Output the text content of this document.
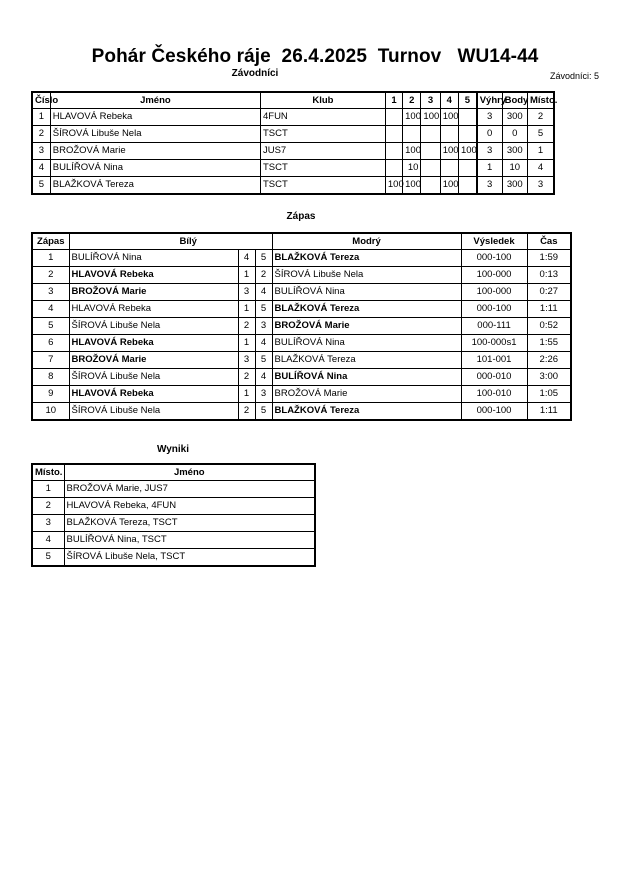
Pohár Českého ráje  26.4.2025  Turnov   WU14-44
Závodníci	Závodníci: 5
Číslo	Jméno	Klub	1	2	3	4	5	Výhry	Body	Místo.
1	HLAVOVÁ Rebeka	4FUN		100	100	100		3	300	2
2	ŠÍROVÁ Libuše Nela	TSCT						0	0	5
3	BROŽOVÁ Marie	JUS7		100		100	100	3	300	1
4	BULÍŘOVÁ Nina	TSCT		10				1	10	4
5	BLAŽKOVÁ Tereza	TSCT	100	100		100		3	300	3
Zápas
Zápas	Bílý			Modrý	Výsledek	Čas
1	BULÍŘOVÁ Nina	4	5	BLAŽKOVÁ Tereza	000-100	1:59
2	HLAVOVÁ Rebeka	1	2	ŠÍROVÁ Libuše Nela	100-000	0:13
3	BROŽOVÁ Marie	3	4	BULÍŘOVÁ Nina	100-000	0:27
4	HLAVOVÁ Rebeka	1	5	BLAŽKOVÁ Tereza	000-100	1:11
5	ŠÍROVÁ Libuše Nela	2	3	BROŽOVÁ Marie	000-111	0:52
6	HLAVOVÁ Rebeka	1	4	BULÍŘOVÁ Nina	100-000s1	1:55
7	BROŽOVÁ Marie	3	5	BLAŽKOVÁ Tereza	101-001	2:26
8	ŠÍROVÁ Libuše Nela	2	4	BULÍŘOVÁ Nina	000-010	3:00
9	HLAVOVÁ Rebeka	1	3	BROŽOVÁ Marie	100-010	1:05
10	ŠÍROVÁ Libuše Nela	2	5	BLAŽKOVÁ Tereza	000-100	1:11
Wyniki
Místo.	Jméno
1	BROŽOVÁ Marie, JUS7
2	HLAVOVÁ Rebeka, 4FUN
3	BLAŽKOVÁ Tereza, TSCT
4	BULÍŘOVÁ Nina, TSCT
5	ŠÍROVÁ Libuše Nela, TSCT
